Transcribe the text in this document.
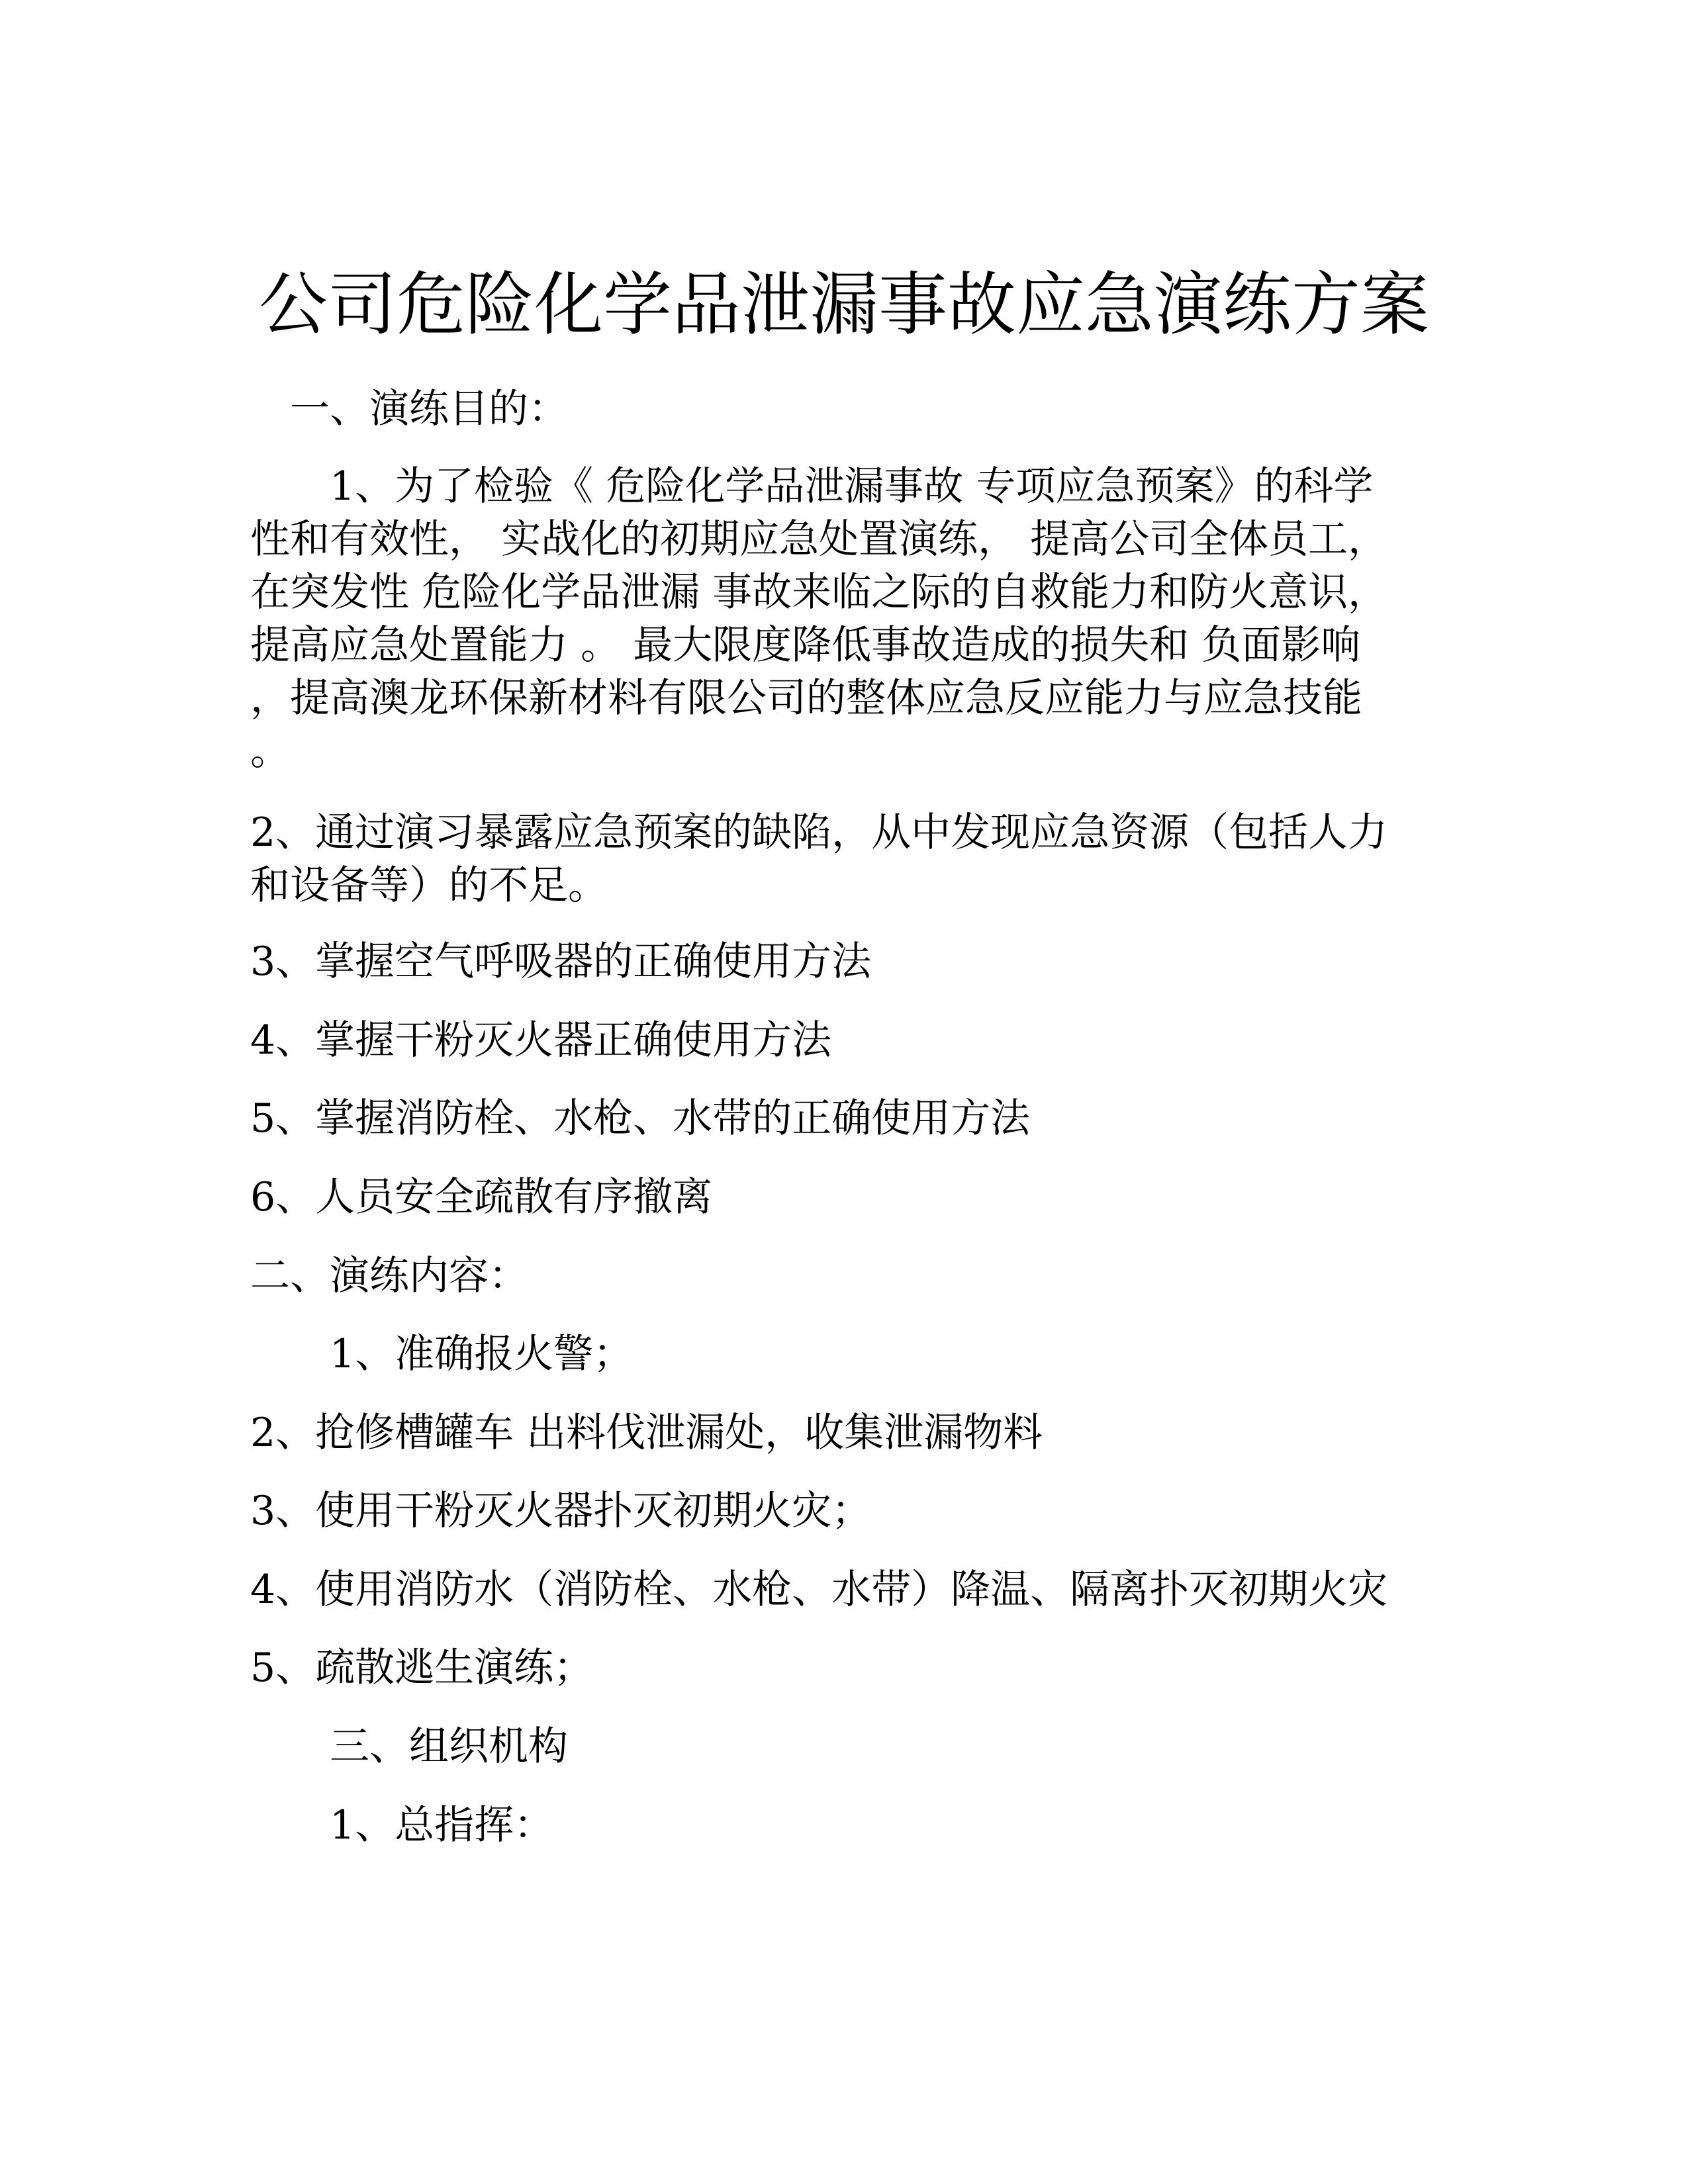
公司危险化学品泄漏事故应急演练方案
一、演练目的：
1、为了检验《 危险化学品泄漏事故 专项应急预案》的科学
性和有效性， 实战化的初期应急处置演练， 提高公司全体员工，
在突发性 危险化学品泄漏 事故来临之际的自救能力和防火意识，
提高应急处置能力 。 最大限度降低事故造成的损失和 负面影响
，提高澳龙环保新材料有限公司的整体应急反应能力与应急技能
。
2、通过演习暴露应急预案的缺陷，从中发现应急资源（包括人力
和设备等）的不足。
3、掌握空气呼吸器的正确使用方法
4、掌握干粉灭火器正确使用方法
5、掌握消防栓、水枪、水带的正确使用方法
6、人员安全疏散有序撤离
二、演练内容：
1、准确报火警；
2、抢修槽罐车 出料伐泄漏处，收集泄漏物料
3、使用干粉灭火器扑灭初期火灾；
4、使用消防水（消防栓、水枪、水带）降温、隔离扑灭初期火灾
5、疏散逃生演练；
三、组织机构
1、总指挥：
